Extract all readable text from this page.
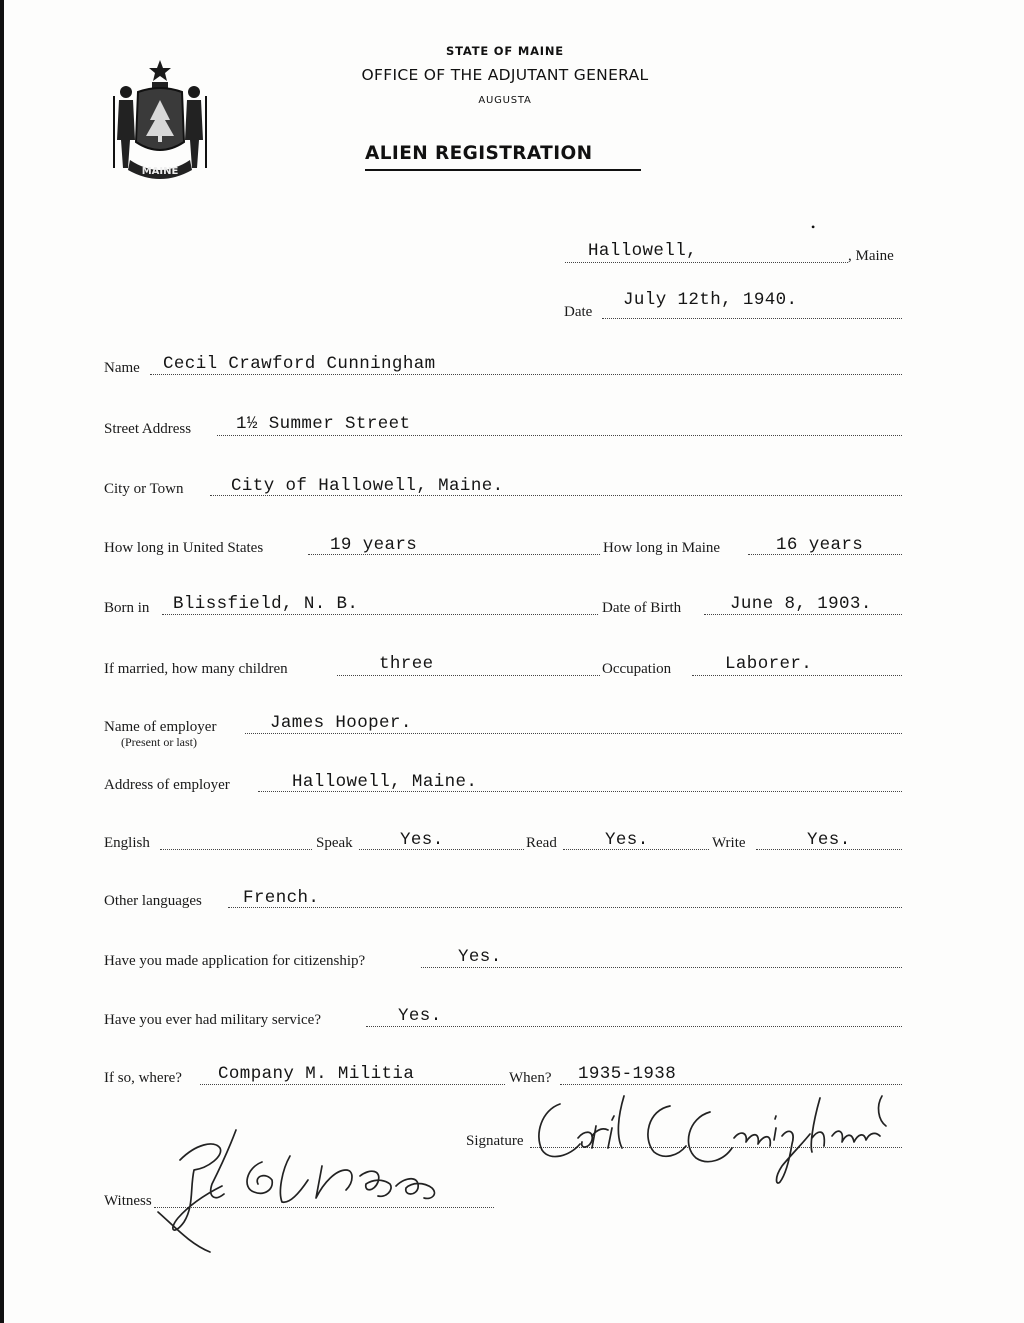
MAINE
STATE OF MAINE
OFFICE OF THE ADJUTANT GENERAL
AUGUSTA
ALIEN REGISTRATION
•
Hallowell,	, Maine
Date
July 12th, 1940.
Name Cecil Crawford Cunningham
Street Address	1½ Summer Street
City or Town	City of Hallowell, Maine.
How long in United States	19 years	How long in Maine	16 years
Born in Blissfield, N. B.	Date of Birth	June 8, 1903.
If married, how many children	three	Occupation	Laborer.
Name of employer
(Present or last)
James Hooper.
Address of employer	Hallowell, Maine.
English	Speak	Yes.	Read	Yes.	Write	Yes.
Other languages French.
Have you made application for citizenship?	Yes.
Have you ever had military service?	Yes.
If so, where? Company M. Militia	When? 1935-1938
Signature
Witness
